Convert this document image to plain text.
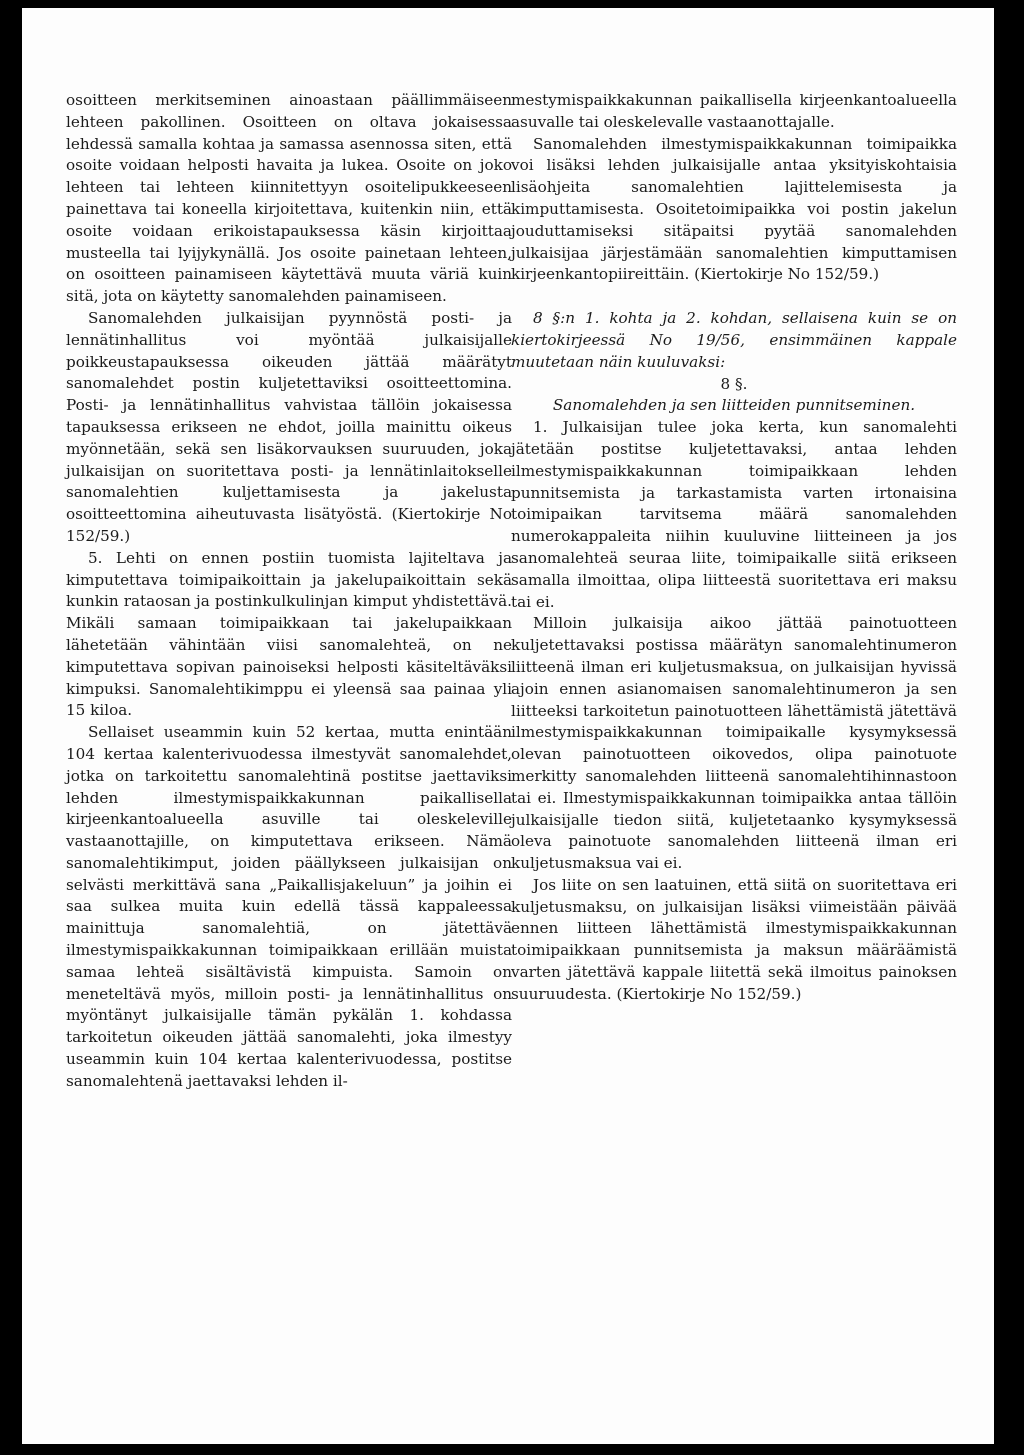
osoitteen merkitseminen ainoastaan päällimmäiseen lehteen pakollinen. Osoitteen on oltava jokaisessa lehdessä samalla kohtaa ja samassa asennossa siten, että osoite voidaan helposti havaita ja lukea. Osoite on joko lehteen tai lehteen kiinnitettyyn osoitelipukkeeseen painettava tai koneella kirjoitettava, kuitenkin niin, että osoite voidaan erikoistapauksessa käsin kirjoittaa musteella tai lyijykynällä. Jos osoite painetaan lehteen, on osoitteen painamiseen käytettävä muuta väriä kuin sitä, jota on käytetty sanomalehden painamiseen.

Sanomalehden julkaisijan pyynnöstä posti- ja lennätinhallitus voi myöntää julkaisijalle poikkeustapauksessa oikeuden jättää määrätyt sanomalehdet postin kuljetettaviksi osoitteettomina. Posti- ja lennätinhallitus vahvistaa tällöin jokaisessa tapauksessa erikseen ne ehdot, joilla mainittu oikeus myönnetään, sekä sen lisäkorvauksen suuruuden, joka julkaisijan on suoritettava posti- ja lennätinlaitokselle sanomalehtien kuljettamisesta ja jakelusta osoitteettomina aiheutuvasta lisätyöstä. (Kiertokirje No 152/59.)

5. Lehti on ennen postiin tuomista lajiteltava ja kimputettava toimipaikoittain ja jakelupaikoittain sekä kunkin rataosan ja postinkulkulinjan kimput yhdistettävä. Mikäli samaan toimipaikkaan tai jakelupaikkaan lähetetään vähintään viisi sanomalehteä, on ne kimputettava sopivan painoiseksi helposti käsiteltäväksi kimpuksi. Sanomalehtikimppu ei yleensä saa painaa yli 15 kiloa.

Sellaiset useammin kuin 52 kertaa, mutta enintään 104 kertaa kalenterivuodessa ilmestyvät sanomalehdet, jotka on tarkoitettu sanomalehtinä postitse jaettaviksi lehden ilmestymispaikkakunnan paikallisella kirjeenkantoalueella asuville tai oleskeleville vastaanottajille, on kimputettava erikseen. Nämä sanomalehtikimput, joiden päällykseen julkaisijan on selvästi merkittävä sana „Paikallisjakeluun” ja joihin ei saa sulkea muita kuin edellä tässä kappaleessa mainittuja sanomalehtiä, on jätettävä ilmestymispaikkakunnan toimipaikkaan erillään muista samaa lehteä sisältävistä kimpuista. Samoin on meneteltävä myös, milloin posti- ja lennätinhallitus on myöntänyt julkaisijalle tämän pykälän 1. kohdassa tarkoitetun oikeuden jättää sanomalehti, joka ilmestyy useammin kuin 104 kertaa kalenterivuodessa, postitse sanomalehtenä jaettavaksi lehden il-

mestymispaikkakunnan paikallisella kirjeenkantoalueella asuvalle tai oleskelevalle vastaanottajalle.

Sanomalehden ilmestymispaikkakunnan toimipaikka voi lisäksi lehden julkaisijalle antaa yksityiskohtaisia lisäohjeita sanomalehtien lajittelemisesta ja kimputtamisesta. Osoitetoimipaikka voi postin jakelun jouduttamiseksi sitäpaitsi pyytää sanomalehden julkaisijaa järjestämään sanomalehtien kimputtamisen kirjeenkantopiireittäin. (Kiertokirje No 152/59.)

8 §:n 1. kohta ja 2. kohdan, sellaisena kuin se on kiertokirjeessä No 19/56, ensimmäinen kappale muutetaan näin kuuluvaksi:

8 §.

Sanomalehden ja sen liitteiden punnitseminen.

1. Julkaisijan tulee joka kerta, kun sanomalehti jätetään postitse kuljetettavaksi, antaa lehden ilmestymispaikkakunnan toimipaikkaan lehden punnitsemista ja tarkastamista varten irtonaisina toimipaikan tarvitsema määrä sanomalehden numerokappaleita niihin kuuluvine liitteineen ja jos sanomalehteä seuraa liite, toimipaikalle siitä erikseen samalla ilmoittaa, olipa liitteestä suoritettava eri maksu tai ei.

Milloin julkaisija aikoo jättää painotuotteen kuljetettavaksi postissa määrätyn sanomalehtinumeron liitteenä ilman eri kuljetusmaksua, on julkaisijan hyvissä ajoin ennen asianomaisen sanomalehtinumeron ja sen liitteeksi tarkoitetun painotuotteen lähettämistä jätettävä ilmestymispaikkakunnan toimipaikalle kysymyksessä olevan painotuotteen oikovedos, olipa painotuote merkitty sanomalehden liitteenä sanomalehtihinnastoon tai ei. Ilmestymispaikkakunnan toimipaikka antaa tällöin julkaisijalle tiedon siitä, kuljetetaanko kysymyksessä oleva painotuote sanomalehden liitteenä ilman eri kuljetusmaksua vai ei.

Jos liite on sen laatuinen, että siitä on suoritettava eri kuljetusmaksu, on julkaisijan lisäksi viimeistään päivää ennen liitteen lähettämistä ilmestymispaikkakunnan toimipaikkaan punnitsemista ja maksun määräämistä varten jätettävä kappale liitettä sekä ilmoitus painoksen suuruudesta. (Kiertokirje No 152/59.)
